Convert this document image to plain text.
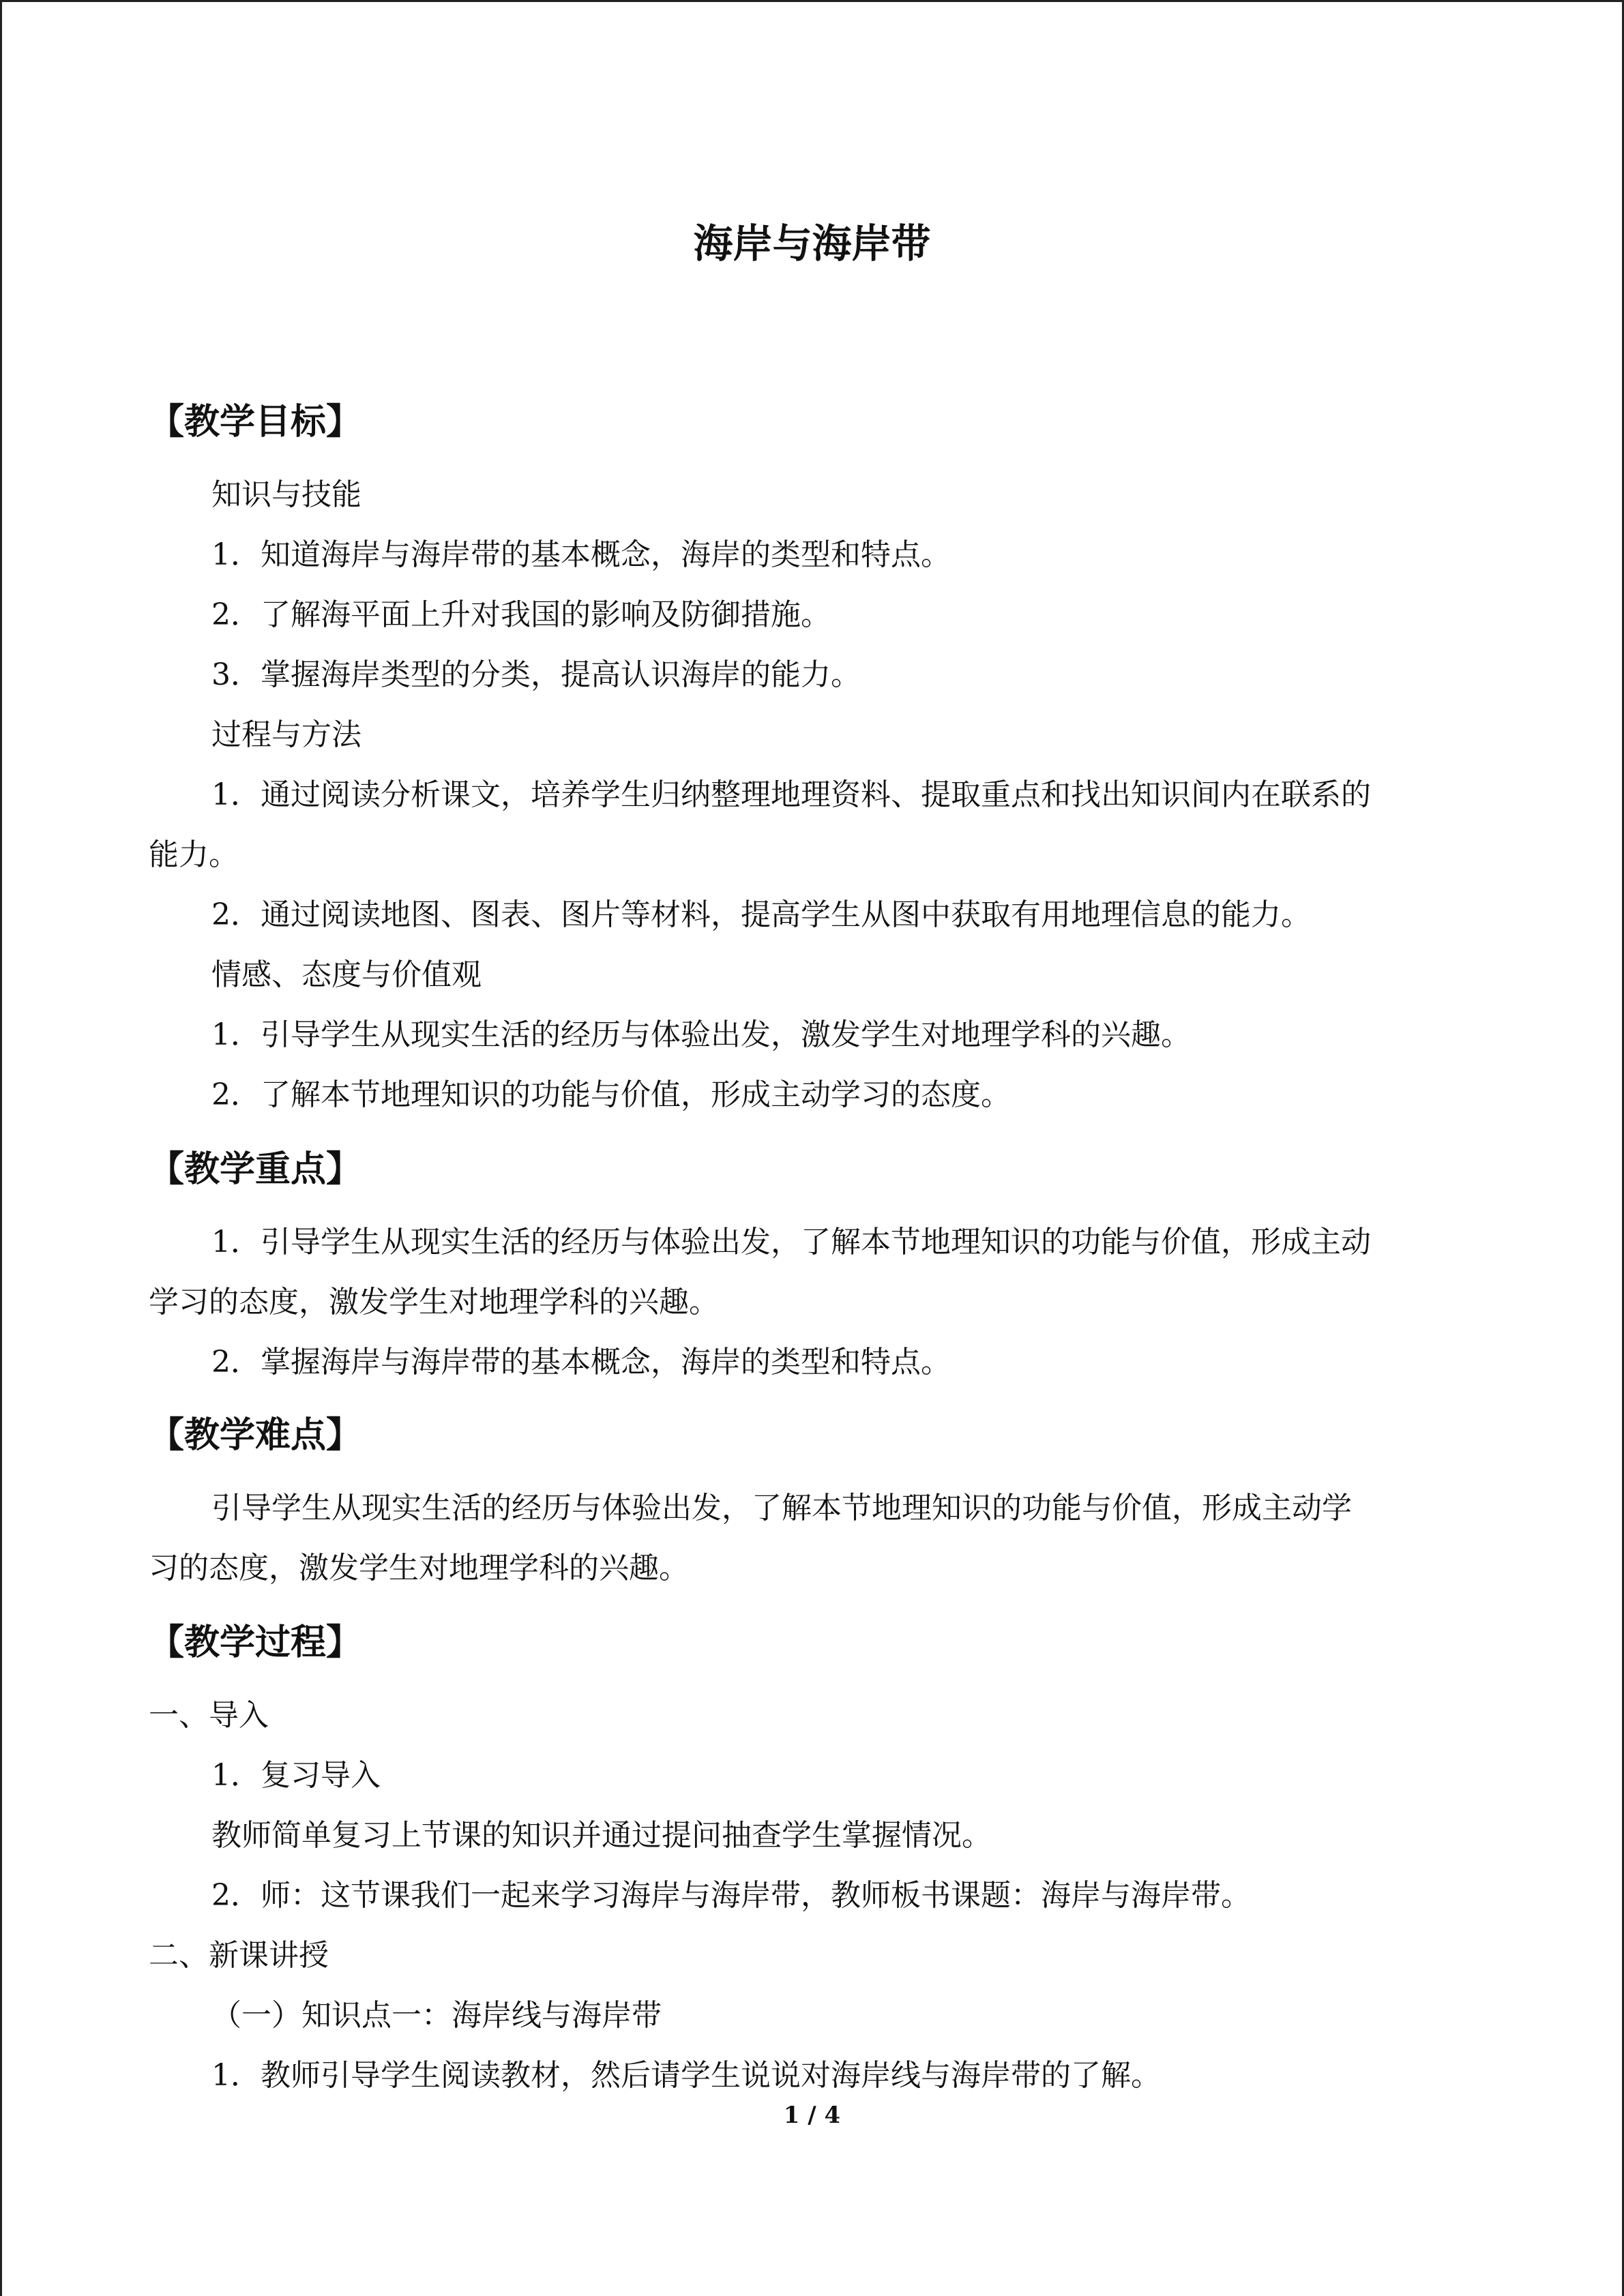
海岸与海岸带
【教学目标】
知识与技能
1．知道海岸与海岸带的基本概念，海岸的类型和特点。
2．了解海平面上升对我国的影响及防御措施。
3．掌握海岸类型的分类，提高认识海岸的能力。
过程与方法
1．通过阅读分析课文，培养学生归纳整理地理资料、提取重点和找出知识间内在联系的
能力。
2．通过阅读地图、图表、图片等材料，提高学生从图中获取有用地理信息的能力。
情感、态度与价值观
1．引导学生从现实生活的经历与体验出发，激发学生对地理学科的兴趣。
2．了解本节地理知识的功能与价值，形成主动学习的态度。
【教学重点】
1．引导学生从现实生活的经历与体验出发，了解本节地理知识的功能与价值，形成主动
学习的态度，激发学生对地理学科的兴趣。
2．掌握海岸与海岸带的基本概念，海岸的类型和特点。
【教学难点】
引导学生从现实生活的经历与体验出发，了解本节地理知识的功能与价值，形成主动学
习的态度，激发学生对地理学科的兴趣。
【教学过程】
一、导入
1．复习导入
教师简单复习上节课的知识并通过提问抽查学生掌握情况。
2．师：这节课我们一起来学习海岸与海岸带，教师板书课题：海岸与海岸带。
二、新课讲授
（一）知识点一：海岸线与海岸带
1．教师引导学生阅读教材，然后请学生说说对海岸线与海岸带的了解。
1 / 4
